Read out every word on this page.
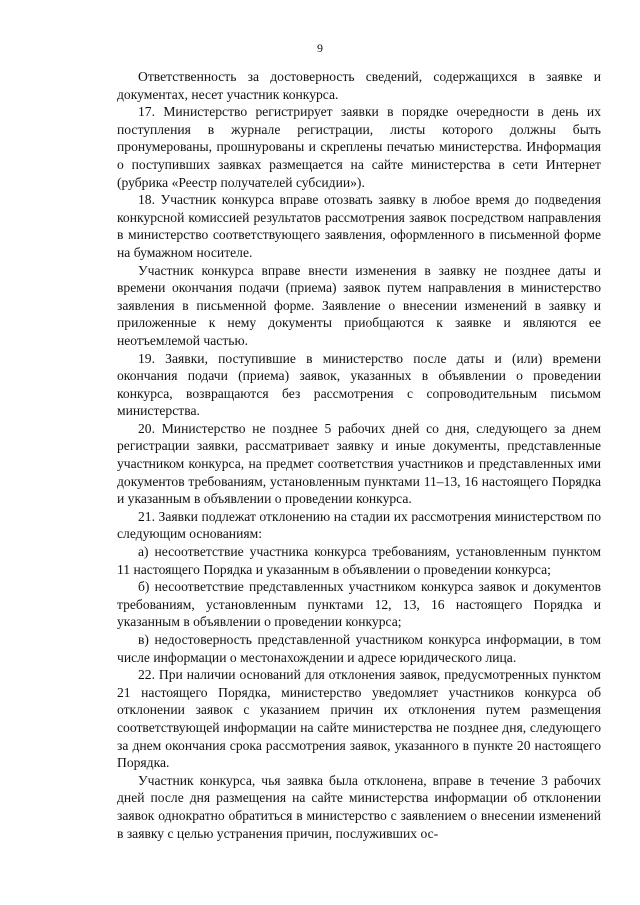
9

Ответственность за достоверность сведений, содержащихся в заявке и документах, несет участник конкурса.

17. Министерство регистрирует заявки в порядке очередности в день их поступления в журнале регистрации, листы которого должны быть пронумерованы, прошнурованы и скреплены печатью министерства. Информация о поступивших заявках размещается на сайте министерства в сети Интернет (рубрика «Реестр получателей субсидии»).

18. Участник конкурса вправе отозвать заявку в любое время до подведения конкурсной комиссией результатов рассмотрения заявок посредством направления в министерство соответствующего заявления, оформленного в письменной форме на бумажном носителе.

Участник конкурса вправе внести изменения в заявку не позднее даты и времени окончания подачи (приема) заявок путем направления в министерство заявления в письменной форме. Заявление о внесении изменений в заявку и приложенные к нему документы приобщаются к заявке и являются ее неотъемлемой частью.

19. Заявки, поступившие в министерство после даты и (или) времени окончания подачи (приема) заявок, указанных в объявлении о проведении конкурса, возвращаются без рассмотрения с сопроводительным письмом министерства.

20. Министерство не позднее 5 рабочих дней со дня, следующего за днем регистрации заявки, рассматривает заявку и иные документы, представленные участником конкурса, на предмет соответствия участников и представленных ими документов требованиям, установленным пунктами 11–13, 16 настоящего Порядка и указанным в объявлении о проведении конкурса.

21. Заявки подлежат отклонению на стадии их рассмотрения министерством по следующим основаниям:

а) несоответствие участника конкурса требованиям, установленным пунктом 11 настоящего Порядка и указанным в объявлении о проведении конкурса;

б) несоответствие представленных участником конкурса заявок и документов требованиям, установленным пунктами 12, 13, 16 настоящего Порядка и указанным в объявлении о проведении конкурса;

в) недостоверность представленной участником конкурса информации, в том числе информации о местонахождении и адресе юридического лица.

22. При наличии оснований для отклонения заявок, предусмотренных пунктом 21 настоящего Порядка, министерство уведомляет участников конкурса об отклонении заявок с указанием причин их отклонения путем размещения соответствующей информации на сайте министерства не позднее дня, следующего за днем окончания срока рассмотрения заявок, указанного в пункте 20 настоящего Порядка.

Участник конкурса, чья заявка была отклонена, вправе в течение 3 рабочих дней после дня размещения на сайте министерства информации об отклонении заявок однократно обратиться в министерство с заявлением о внесении изменений в заявку с целью устранения причин, послуживших ос-
